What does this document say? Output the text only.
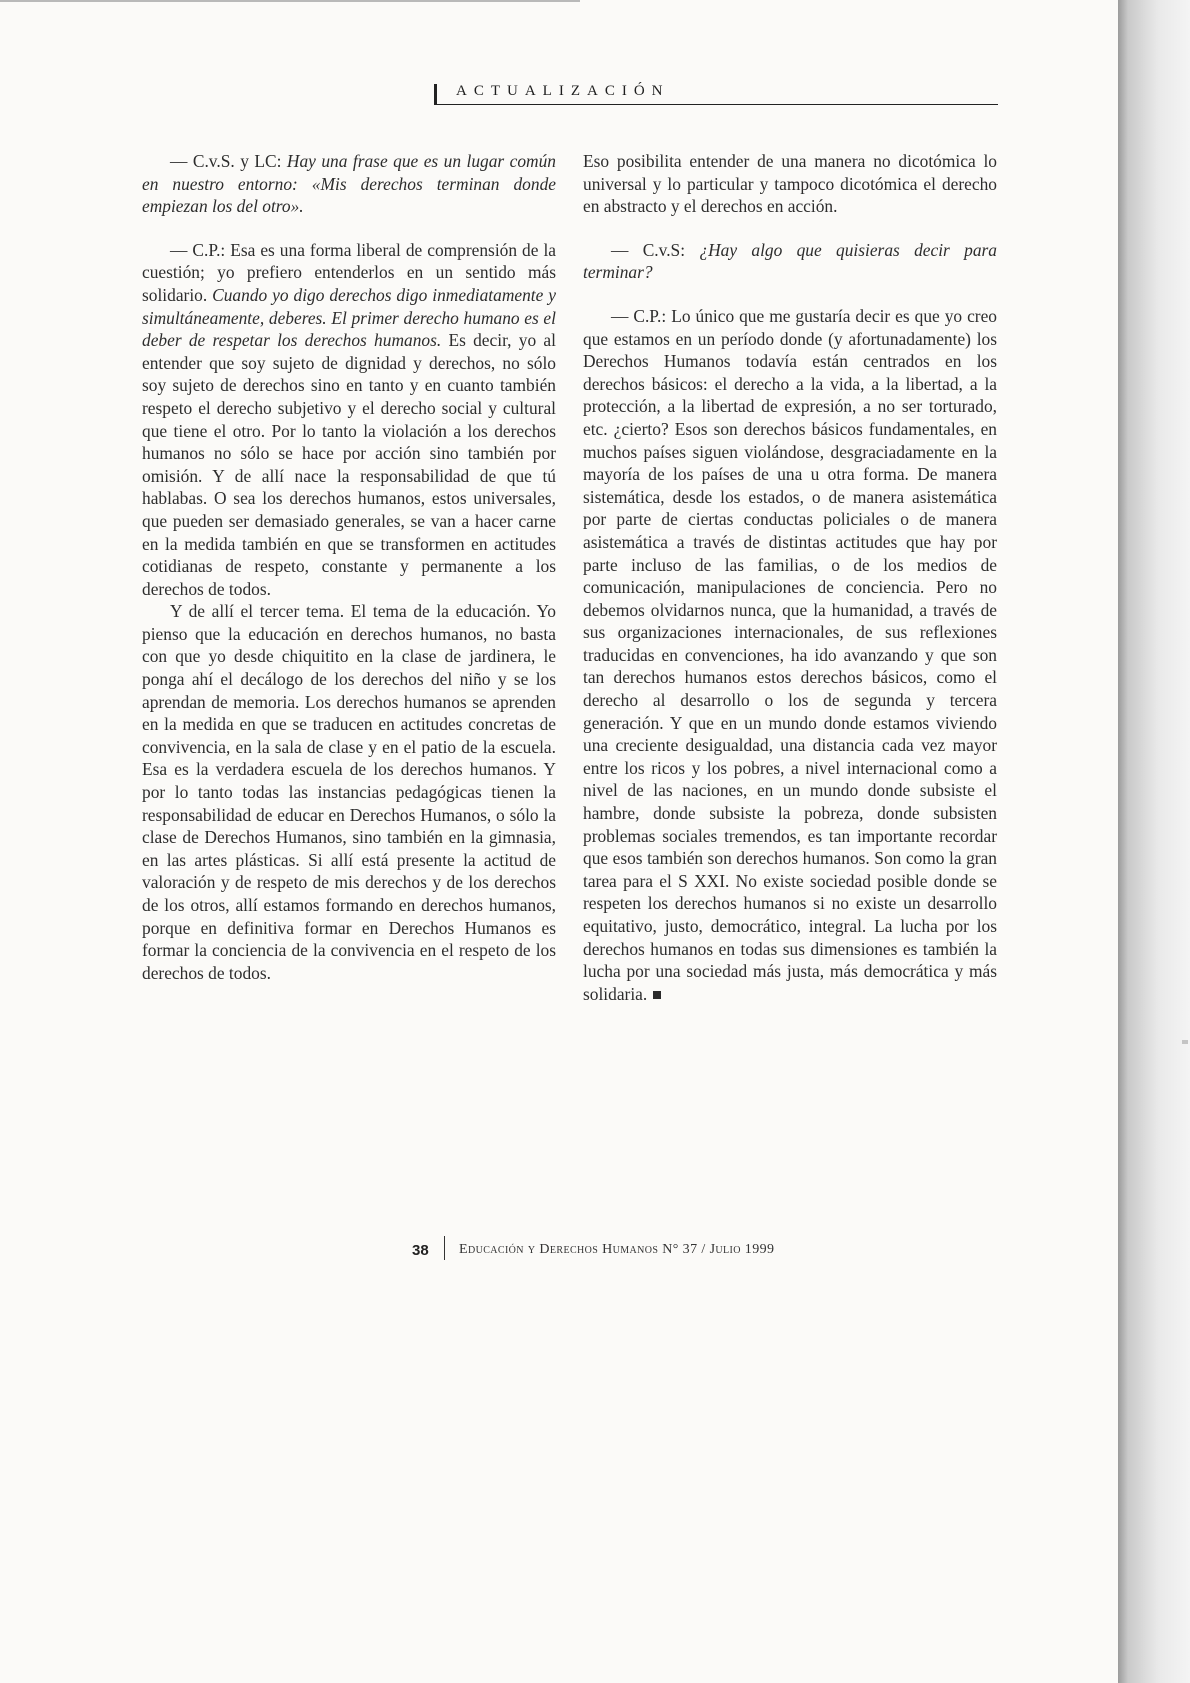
ACTUALIZACIÓN

— C.v.S. y LC: Hay una frase que es un lugar común en nuestro entorno: «Mis derechos terminan donde empiezan los del otro».

— C.P.: Esa es una forma liberal de comprensión de la cuestión; yo prefiero entenderlos en un sentido más solidario. Cuando yo digo derechos digo inmediatamente y simultáneamente, deberes. El primer derecho humano es el deber de respetar los derechos humanos. Es decir, yo al entender que soy sujeto de dignidad y derechos, no sólo soy sujeto de derechos sino en tanto y en cuanto también respeto el derecho subjetivo y el derecho social y cultural que tiene el otro. Por lo tanto la violación a los derechos humanos no sólo se hace por acción sino también por omisión. Y de allí nace la responsabilidad de que tú hablabas. O sea los derechos humanos, estos universales, que pueden ser demasiado generales, se van a hacer carne en la medida también en que se transformen en actitudes cotidianas de respeto, constante y permanente a los derechos de todos.

Y de allí el tercer tema. El tema de la educación. Yo pienso que la educación en derechos humanos, no basta con que yo desde chiquitito en la clase de jardinera, le ponga ahí el decálogo de los derechos del niño y se los aprendan de memoria. Los derechos humanos se aprenden en la medida en que se traducen en actitudes concretas de convivencia, en la sala de clase y en el patio de la escuela. Esa es la verdadera escuela de los derechos humanos. Y por lo tanto todas las instancias pedagógicas tienen la responsabilidad de educar en Derechos Humanos, o sólo la clase de Derechos Humanos, sino también en la gimnasia, en las artes plásticas. Si allí está presente la actitud de valoración y de respeto de mis derechos y de los derechos de los otros, allí estamos formando en derechos humanos, porque en definitiva formar en Derechos Humanos es formar la conciencia de la convivencia en el respeto de los derechos de todos.

Eso posibilita entender de una manera no dicotómica lo universal y lo particular y tampoco dicotómica el derecho en abstracto y el derechos en acción.

— C.v.S: ¿Hay algo que quisieras decir para terminar?

— C.P.: Lo único que me gustaría decir es que yo creo que estamos en un período donde (y afortunadamente) los Derechos Humanos todavía están centrados en los derechos básicos: el derecho a la vida, a la libertad, a la protección, a la libertad de expresión, a no ser torturado, etc. ¿cierto? Esos son derechos básicos fundamentales, en muchos países siguen violándose, desgraciadamente en la mayoría de los países de una u otra forma. De manera sistemática, desde los estados, o de manera asistemática por parte de ciertas conductas policiales o de manera asistemática a través de distintas actitudes que hay por parte incluso de las familias, o de los medios de comunicación, manipulaciones de conciencia. Pero no debemos olvidarnos nunca, que la humanidad, a través de sus organizaciones internacionales, de sus reflexiones traducidas en convenciones, ha ido avanzando y que son tan derechos humanos estos derechos básicos, como el derecho al desarrollo o los de segunda y tercera generación. Y que en un mundo donde estamos viviendo una creciente desigualdad, una distancia cada vez mayor entre los ricos y los pobres, a nivel internacional como a nivel de las naciones, en un mundo donde subsiste el hambre, donde subsiste la pobreza, donde subsisten problemas sociales tremendos, es tan importante recordar que esos también son derechos humanos. Son como la gran tarea para el S XXI. No existe sociedad posible donde se respeten los derechos humanos si no existe un desarrollo equitativo, justo, democrático, integral. La lucha por los derechos humanos en todas sus dimensiones es también la lucha por una sociedad más justa, más democrática y más solidaria.

38 Educación y Derechos Humanos N° 37 / Julio 1999
